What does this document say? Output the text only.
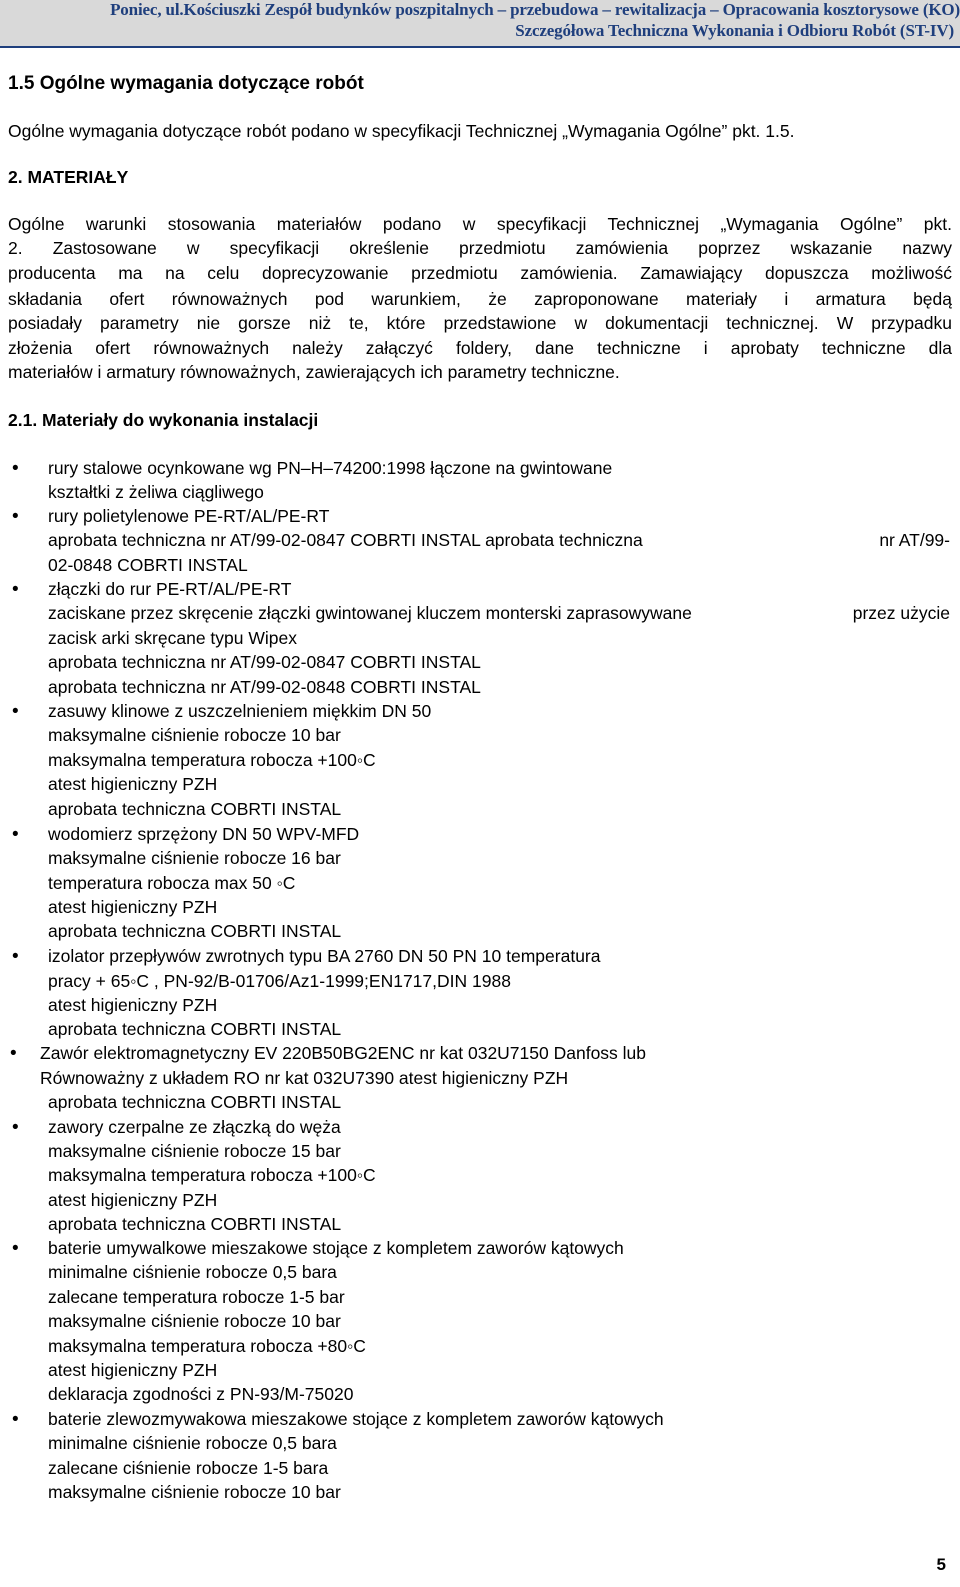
Poniec, ul.Kościuszki Zespół budynków poszpitalnych – przebudowa – rewitalizacja – Opracowania kosztorysowe (KO)
Szczegółowa Techniczna Wykonania i Odbioru Robót (ST-IV)
1.5 Ogólne wymagania dotyczące robót
Ogólne wymagania dotyczące robót podano w specyfikacji Technicznej „Wymagania Ogólne” pkt. 1.5.
2. MATERIAŁY
Ogólne warunki stosowania materiałów podano w specyfikacji Technicznej „Wymagania Ogólne” pkt.
2. Zastosowane w specyfikacji określenie przedmiotu zamówienia poprzez wskazanie nazwy
producenta ma na celu doprecyzowanie przedmiotu zamówienia. Zamawiający dopuszcza możliwość
składania ofert równoważnych pod warunkiem, że zaproponowane materiały i armatura będą
posiadały parametry nie gorsze niż te, które przedstawione w dokumentacji technicznej. W przypadku
złożenia ofert równoważnych należy załączyć foldery, dane techniczne i aprobaty techniczne dla
materiałów i armatury równoważnych, zawierających ich parametry techniczne.
2.1. Materiały do wykonania instalacji
• rury stalowe ocynkowane wg PN–H–74200:1998 łączone na gwintowane
kształtki z żeliwa ciągliwego
• rury polietylenowe PE-RT/AL/PE-RT
aprobata techniczna nr AT/99-02-0847 COBRTI INSTAL aprobata techniczna	nr AT/99-
02-0848 COBRTI INSTAL
• złączki do rur PE-RT/AL/PE-RT
zaciskane przez skręcenie złączki gwintowanej kluczem monterski zaprasowywane	przez użycie
zacisk arki skręcane typu Wipex
aprobata techniczna nr AT/99-02-0847 COBRTI INSTAL
aprobata techniczna nr AT/99-02-0848 COBRTI INSTAL
• zasuwy klinowe z uszczelnieniem miękkim DN 50
maksymalne ciśnienie robocze 10 bar
maksymalna temperatura robocza +100◦C
atest higieniczny PZH
aprobata techniczna COBRTI INSTAL
• wodomierz sprzężony DN 50 WPV-MFD
maksymalne ciśnienie robocze 16 bar
temperatura robocza max 50 ◦C
atest higieniczny PZH
aprobata techniczna COBRTI INSTAL
• izolator przepływów zwrotnych typu BA 2760 DN 50 PN 10 temperatura
pracy + 65◦C , PN-92/B-01706/Az1-1999;EN1717,DIN 1988
atest higieniczny PZH
aprobata techniczna COBRTI INSTAL
• Zawór elektromagnetyczny EV 220B50BG2ENC nr kat 032U7150 Danfoss lub
Równoważny z układem RO nr kat 032U7390 atest higieniczny PZH
aprobata techniczna COBRTI INSTAL
• zawory czerpalne ze złączką do węża
maksymalne ciśnienie robocze 15 bar
maksymalna temperatura robocza +100◦C
atest higieniczny PZH
aprobata techniczna COBRTI INSTAL
• baterie umywalkowe mieszakowe stojące z kompletem zaworów kątowych
minimalne ciśnienie robocze 0,5 bara
zalecane temperatura robocze 1-5 bar
maksymalne ciśnienie robocze 10 bar
maksymalna temperatura robocza +80◦C
atest higieniczny PZH
deklaracja zgodności z PN-93/M-75020
• baterie zlewozmywakowa mieszakowe stojące z kompletem zaworów kątowych
minimalne ciśnienie robocze 0,5 bara
zalecane ciśnienie robocze 1-5 bara
maksymalne ciśnienie robocze 10 bar
5
